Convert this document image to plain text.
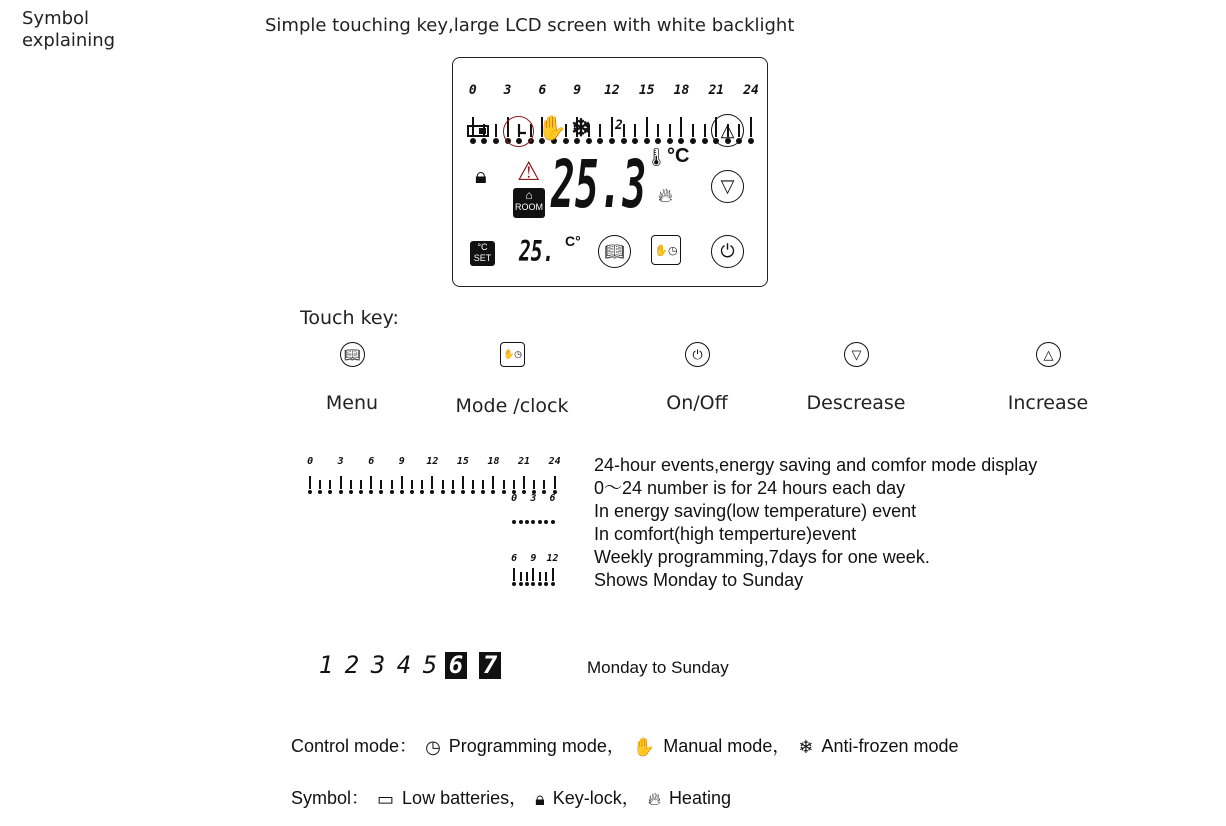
Symbol explaining
Simple touching key,large LCD screen with white backlight
0 3 6 9 12 15 18 21 24
✋ ❄ 2
🔒︎ ⚠
⌂
ROOM 25.3
🌡︎ °C
🔥︎
△
▽
°C
SET 25. C°
📖︎	✋◷	⏻
Touch key:
0 3 6 9 12 15 18 21 24
0 3 6
6 9 12
24-hour events,energy saving and comfor mode display
0～24 number is for 24 hours each day
In energy saving(low temperature) event
In comfort(high temperture)event
Weekly programming,7days for one week.
Shows Monday to Sunday
1 2 3 4 5 6 7	Monday to Sunday
Control mode： ◷ Programming mode， ✋ Manual mode， ❄ Anti-frozen mode
Symbol： ▭ Low batteries， 🔒︎ Key-lock， 🔥︎ Heating
📖︎
Menu
✋◷
Mode /clock
⏻
On/Off
▽
Descrease
△
Increase
